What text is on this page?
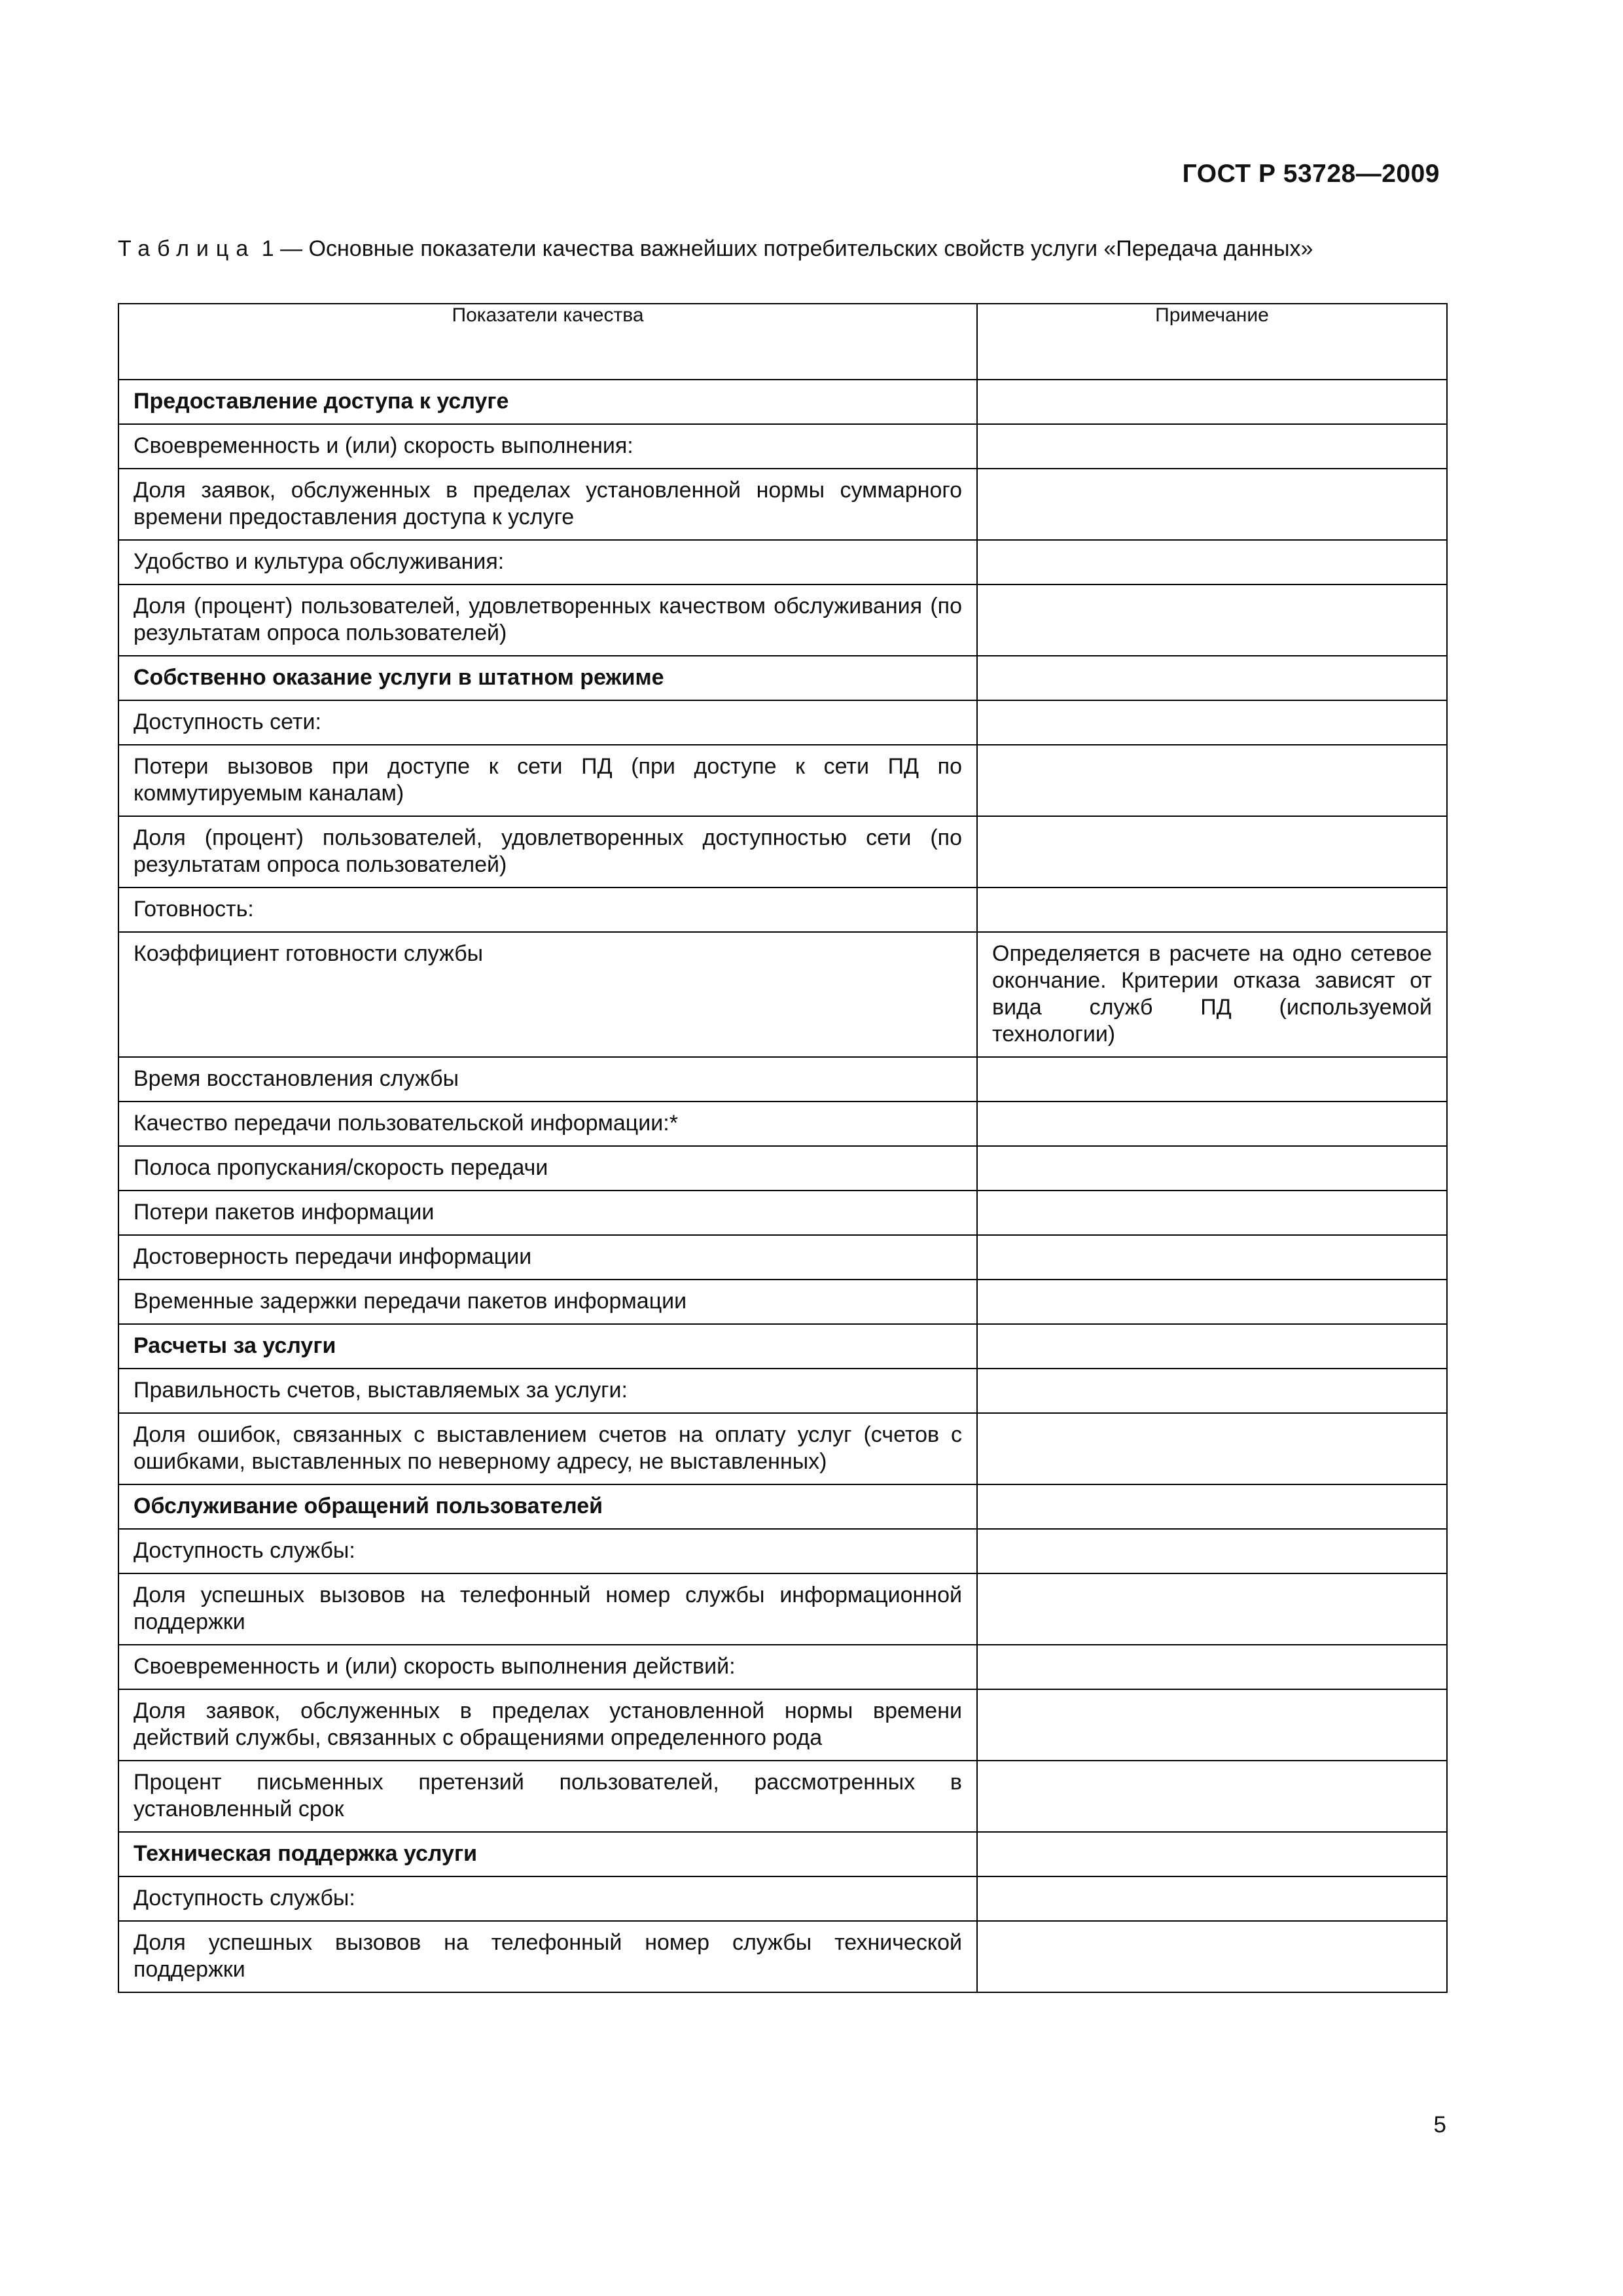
ГОСТ Р 53728—2009
Таблица 1 — Основные показатели качества важнейших потребительских свойств услуги «Передача данных»
Показатели качества	Примечание
Предоставление доступа к услуге	
Своевременность и (или) скорость выполнения:	
Доля заявок, обслуженных в пределах установленной нормы суммарного времени предоставления доступа к услуге	
Удобство и культура обслуживания:	
Доля (процент) пользователей, удовлетворенных качеством обслуживания (по результатам опроса пользователей)	
Собственно оказание услуги в штатном режиме	
Доступность сети:	
Потери вызовов при доступе к сети ПД (при доступе к сети ПД по коммутируемым каналам)	
Доля (процент) пользователей, удовлетворенных доступностью сети (по результатам опроса пользователей)	
Готовность:	
Коэффициент готовности службы	Определяется в расчете на одно сетевое окончание. Критерии отказа зависят от вида служб ПД (используемой технологии)
Время восстановления службы	
Качество передачи пользовательской информации:*	
Полоса пропускания/скорость передачи	
Потери пакетов информации	
Достоверность передачи информации	
Временные задержки передачи пакетов информации	
Расчеты за услуги	
Правильность счетов, выставляемых за услуги:	
Доля ошибок, связанных с выставлением счетов на оплату услуг (счетов с ошибками, выставленных по неверному адресу, не выставленных)	
Обслуживание обращений пользователей	
Доступность службы:	
Доля успешных вызовов на телефонный номер службы информационной поддержки	
Своевременность и (или) скорость выполнения действий:	
Доля заявок, обслуженных в пределах установленной нормы времени действий службы, связанных с обращениями определенного рода	
Процент письменных претензий пользователей, рассмотренных в установленный срок	
Техническая поддержка услуги	
Доступность службы:	
Доля успешных вызовов на телефонный номер службы технической поддержки	
5
